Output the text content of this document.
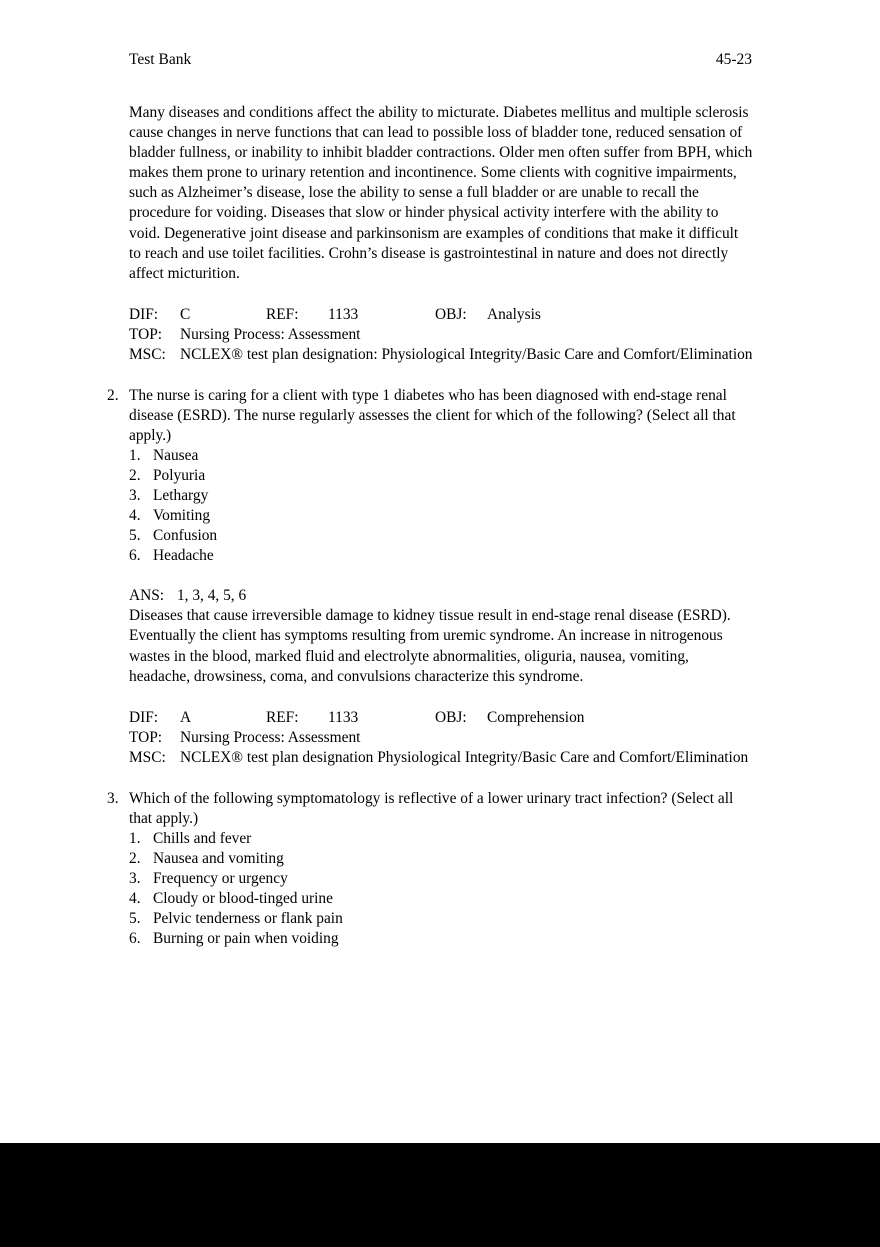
Test Bank	45-23

Many diseases and conditions affect the ability to micturate. Diabetes mellitus and multiple sclerosis cause changes in nerve functions that can lead to possible loss of bladder tone, reduced sensation of bladder fullness, or inability to inhibit bladder contractions. Older men often suffer from BPH, which makes them prone to urinary retention and incontinence. Some clients with cognitive impairments, such as Alzheimer’s disease, lose the ability to sense a full bladder or are unable to recall the procedure for voiding. Diseases that slow or hinder physical activity interfere with the ability to void. Degenerative joint disease and parkinsonism are examples of conditions that make it difficult to reach and use toilet facilities. Crohn’s disease is gastrointestinal in nature and does not directly affect micturition.

DIF: C	REF: 1133	OBJ: Analysis
TOP: Nursing Process: Assessment
MSC: NCLEX® test plan designation: Physiological Integrity/Basic Care and Comfort/Elimination
2. The nurse is caring for a client with type 1 diabetes who has been diagnosed with end-stage renal disease (ESRD). The nurse regularly assesses the client for which of the following? (Select all that apply.)

1. Nausea
2. Polyuria
3. Lethargy
4. Vomiting
5. Confusion
6. Headache

ANS: 1, 3, 4, 5, 6

Diseases that cause irreversible damage to kidney tissue result in end-stage renal disease (ESRD). Eventually the client has symptoms resulting from uremic syndrome. An increase in nitrogenous wastes in the blood, marked fluid and electrolyte abnormalities, oliguria, nausea, vomiting, headache, drowsiness, coma, and convulsions characterize this syndrome.

DIF: A	REF: 1133	OBJ: Comprehension
TOP: Nursing Process: Assessment
MSC: NCLEX® test plan designation Physiological Integrity/Basic Care and Comfort/Elimination
3. Which of the following symptomatology is reflective of a lower urinary tract infection? (Select all that apply.)

1. Chills and fever
2. Nausea and vomiting
3. Frequency or urgency
4. Cloudy or blood-tinged urine
5. Pelvic tenderness or flank pain
6. Burning or pain when voiding
